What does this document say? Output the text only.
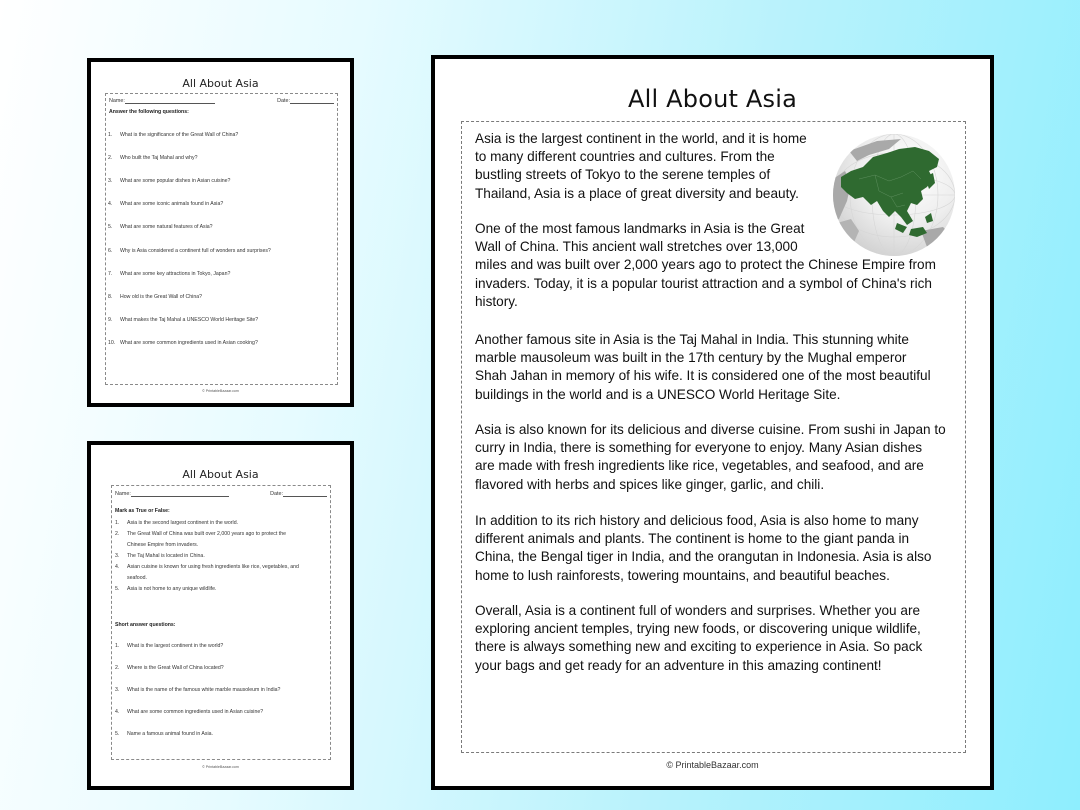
All About Asia
Name:	Date:
Answer the following questions:
1.	What is the significance of the Great Wall of China?
2.	Who built the Taj Mahal and why?
3.	What are some popular dishes in Asian cuisine?
4.	What are some iconic animals found in Asia?
5.	What are some natural features of Asia?
6.	Why is Asia considered a continent full of wonders and surprises?
7.	What are some key attractions in Tokyo, Japan?
8.	How old is the Great Wall of China?
9.	What makes the Taj Mahal a UNESCO World Heritage Site?
10. What are some common ingredients used in Asian cooking?
© PrintableBazaar.com
All About Asia
Name:	Date:
Mark as True or False:
1.	Asia is the second largest continent in the world.
2.	The Great Wall of China was built over 2,000 years ago to protect the
Chinese Empire from invaders.
3.	The Taj Mahal is located in China.
4.	Asian cuisine is known for using fresh ingredients like rice, vegetables, and
seafood.
5.	Asia is not home to any unique wildlife.
Short answer questions:
1.	What is the largest continent in the world?
2.	Where is the Great Wall of China located?
3.	What is the name of the famous white marble mausoleum in India?
4.	What are some common ingredients used in Asian cuisine?
5.	Name a famous animal found in Asia.
© PrintableBazaar.com
All About Asia
Asia is the largest continent in the world, and it is home
to many different countries and cultures. From the
bustling streets of Tokyo to the serene temples of
Thailand, Asia is a place of great diversity and beauty.
One of the most famous landmarks in Asia is the Great
Wall of China. This ancient wall stretches over 13,000
miles and was built over 2,000 years ago to protect the Chinese Empire from
invaders. Today, it is a popular tourist attraction and a symbol of China's rich
history.
Another famous site in Asia is the Taj Mahal in India. This stunning white
marble mausoleum was built in the 17th century by the Mughal emperor
Shah Jahan in memory of his wife. It is considered one of the most beautiful
buildings in the world and is a UNESCO World Heritage Site.
Asia is also known for its delicious and diverse cuisine. From sushi in Japan to
curry in India, there is something for everyone to enjoy. Many Asian dishes
are made with fresh ingredients like rice, vegetables, and seafood, and are
flavored with herbs and spices like ginger, garlic, and chili.
In addition to its rich history and delicious food, Asia is also home to many
different animals and plants. The continent is home to the giant panda in
China, the Bengal tiger in India, and the orangutan in Indonesia. Asia is also
home to lush rainforests, towering mountains, and beautiful beaches.
Overall, Asia is a continent full of wonders and surprises. Whether you are
exploring ancient temples, trying new foods, or discovering unique wildlife,
there is always something new and exciting to experience in Asia. So pack
your bags and get ready for an adventure in this amazing continent!
© PrintableBazaar.com
